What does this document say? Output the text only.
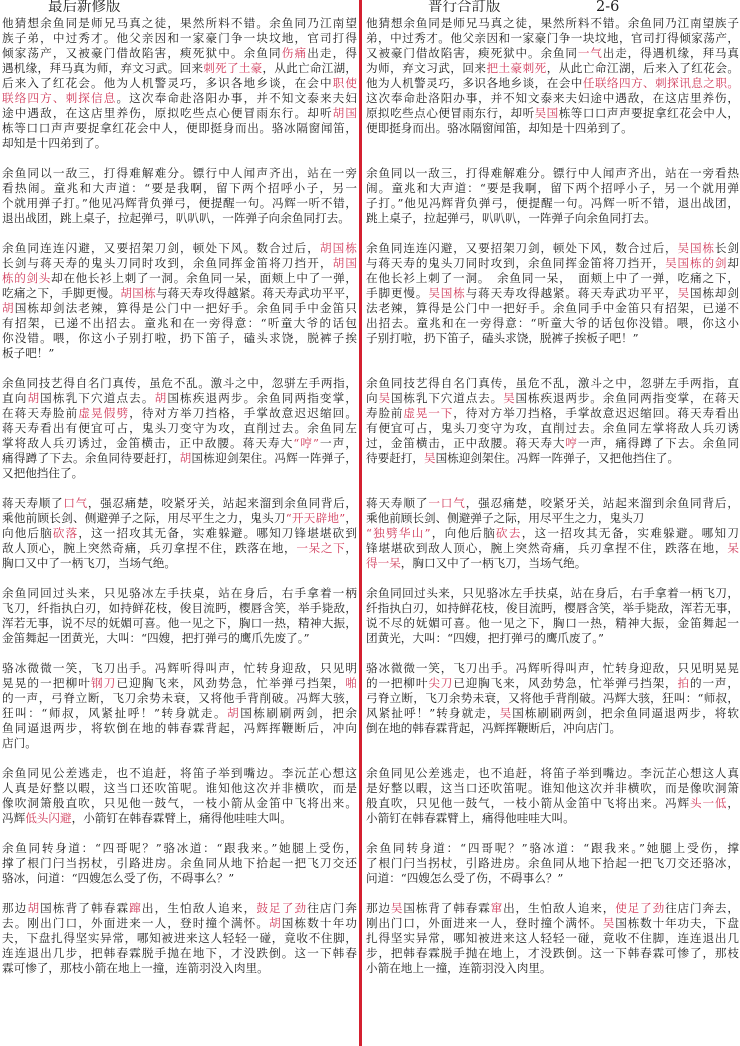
最后新修版	普行合訂版	2-6
他猜想余鱼同是师兄马真之徒，果然所料不错。余鱼同乃江南望
族子弟，中过秀才。他父亲因和一家豪门争一块坟地，官司打得
倾家荡产，又被豪门借故陷害，瘐死狱中。余鱼同伤痛出走，得
遇机缘，拜马真为师，弃文习武。回来刺死了土豪，从此亡命江湖，
后来入了红花会。他为人机警灵巧，多识各地乡谈，在会中职使
联络四方、刺探信息。这次奉命赴洛阳办事，并不知文泰来夫妇
途中遇敌，在这店里养伤，原拟吃些点心便冒雨东行。却听胡国
栋等口口声声要捉拿红花会中人，便即挺身而出。骆冰隔窗闻笛，
却知是十四弟到了。
他猜想余鱼同是师兄马真之徒，果然所料不错。余鱼同乃江南望族子
弟，中过秀才。他父亲因和一家豪门争一块坟地，官司打得倾家荡产，
又被豪门借故陷害，瘐死狱中。余鱼同一气出走，得遇机缘，拜马真
为师，弃文习武，回来把土豪刺死，从此亡命江湖，后来入了红花会。
他为人机警灵巧，多识各地乡谈，在会中任联络四方、刺探讯息之职。
这次奉命赴洛阳办事，并不知文泰来夫妇途中遇敌，在这店里养伤，
原拟吃些点心便冒雨东行，却听吴国栋等口口声声要捉拿红花会中人，
便即挺身而出。骆冰隔窗闻笛，却知是十四弟到了。
余鱼同以一敌三，打得难解难分。镖行中人闻声齐出，站在一旁
看热闹。童兆和大声道：“要是我啊，留下两个招呼小子，另一
个就用弹子打。”他见冯辉背负弹弓，便提醒一句。冯辉一听不错，
退出战团，跳上桌子，拉起弹弓，叭叭叭，一阵弹子向余鱼同打去。
余鱼同以一敌三，打得难解难分。镖行中人闻声齐出，站在一旁看热
闹。童兆和大声道：“要是我啊，留下两个招呼小子，另一个就用弹
子打。”他见冯辉背负弹弓，便提醒一句。冯辉一听不错，退出战团，
跳上桌子，拉起弹弓，叭叭叭，一阵弹子向余鱼同打去。
余鱼同连连闪避，又要招架刀剑，顿处下风。数合过后，胡国栋
长剑与蒋天寿的鬼头刀同时攻到，余鱼同挥金笛将刀挡开，胡国
栋的剑头却在他长衫上刺了一洞。余鱼同一呆，面颊上中了一弹，
吃痛之下，手脚更慢。胡国栋与蒋天寿攻得越紧。蒋天寿武功平平，
胡国栋却剑法老辣，算得是公门中一把好手。余鱼同手中金笛只
有招架，已递不出招去。童兆和在一旁得意：“听童大爷的话包
你没错。喂，你这小子别打啦，扔下笛子，磕头求饶，脱裤子挨
板子吧！”
余鱼同连连闪避，又要招架刀剑，顿处下风，数合过后，吴国栋长剑
与蒋天寿的鬼头刀同时攻到，余鱼同挥金笛将刀挡开，吴国栋的剑却
在他长衫上刺了一洞。　余鱼同一呆，　面颊上中了一弹，吃痛之下，
手脚更慢。吴国栋与蒋天寿攻得越紧。蒋天寿武功平平，吴国栋却剑
法老辣，算得是公门中一把好手。余鱼同手中金笛只有招架，已递不
出招去。童兆和在一旁得意：“听童大爷的话包你没错。喂，你这小
子别打啦，扔下笛子，磕头求饶，脱裤子挨板子吧！”
余鱼同技艺得自名门真传，虽危不乱。激斗之中，忽骈左手两指，
直向胡国栋乳下穴道点去。胡国栋疾退两步。余鱼同两指变掌，
在蒋天寿脸前虚晃假劈，待对方举刀挡格，手掌故意迟迟缩回。
蒋天寿看出有便宜可占，鬼头刀变守为攻，直削过去。余鱼同左
掌将敌人兵刃诱过，金笛横击，正中敌腰。蒋天寿大“哼”一声，
痛得蹲了下去。余鱼同待要赶打，胡国栋迎剑架住。冯辉一阵弹子，
又把他挡住了。
余鱼同技艺得自名门真传，虽危不乱，激斗之中，忽骈左手两指，直
向吴国栋乳下穴道点去。吴国栋疾退两步。余鱼同两指变掌，在蒋天
寿脸前虚晃一下，待对方举刀挡格，手掌故意迟迟缩回。蒋天寿看出
有便宜可占，鬼头刀变守为攻，直削过去。余鱼同左掌将敌人兵刃诱
过，金笛横击，正中敌腰。蒋天寿大哼一声，痛得蹲了下去。余鱼同
待要赶打，吴国栋迎剑架住。冯辉一阵弹子，又把他挡住了。
蒋天寿顺了口气，强忍痛楚，咬紧牙关，站起来溜到余鱼同背后，
乘他前顾长剑、侧避弹子之际，用尽平生之力，鬼头刀“开天辟地”，
向他后脑砍落，这一招攻其无备，实难躲避。哪知刀锋堪堪砍到
敌人顶心，腕上突然奇痛，兵刃拿捏不住，跌落在地，一呆之下，
胸口又中了一柄飞刀，当场气绝。
蒋天寿顺了一口气，强忍痛楚，咬紧牙关，站起来溜到余鱼同背后，
乘他前顾长剑、侧避弹子之际，用尽平生之力，鬼头刀
“独劈华山”，向他后脑砍去，这一招攻其无备，实难躲避。哪知刀
锋堪堪砍到敌人顶心，腕上突然奇痛，兵刃拿捏不住，跌落在地，呆
得一呆，胸口又中了一柄飞刀，当场气绝。
余鱼同回过头来，只见骆冰左手扶桌，站在身后，右手拿着一柄
飞刀，纤指执白刃，如持鲜花枝，俊目流眄，樱唇含笑，举手毙敌，
浑若无事，说不尽的妩媚可喜。他一见之下，胸口一热，精神大振，
金笛舞起一团黄光，大叫：“四嫂，把打弹弓的鹰爪先废了。”
余鱼同回过头来，只见骆冰左手扶桌，站在身后，右手拿着一柄飞刀，
纤指执白刃，如持鲜花枝，俊目流眄，樱唇含笑，举手毙敌，浑若无事，
说不尽的妩媚可喜。他一见之下，胸口一热，精神大振，金笛舞起一
团黄光，大叫：“四嫂，把打弹弓的鹰爪废了。”
骆冰微微一笑，飞刀出手。冯辉听得叫声，忙转身迎敌，只见明
晃晃的一把柳叶钢刀已迎胸飞来，风劲势急，忙举弹弓挡架，啪
的一声，弓脊立断，飞刀余势未衰，又将他手背削破。冯辉大骇，
狂叫：“师叔，风紧扯呼！”转身就走。胡国栋刷刷两剑，把余
鱼同逼退两步，将软倒在地的韩春霖背起，冯辉挥鞭断后，冲向
店门。
骆冰微微一笑，飞刀出手。冯辉听得叫声，忙转身迎敌，只见明晃晃
的一把柳叶尖刀已迎胸飞来，风劲势急，忙举弹弓挡架，拍的一声，
弓脊立断，飞刀余势未衰，又将他手背削破。冯辉大骇，狂叫：“师叔，
风紧扯呼！”转身就走，吴国栋刷刷两剑，把余鱼同逼退两步，将软
倒在地的韩春霖背起，冯辉挥鞭断后，冲向店门。
余鱼同见公差逃走，也不追赶，将笛子举到嘴边。李沅芷心想这
人真是好整以暇，这当口还吹笛呢。谁知他这次并非横吹，而是
像吹洞箫般直吹，只见他一鼓气，一枝小箭从金笛中飞将出来。
冯辉低头闪避，小箭钉在韩春霖臂上，痛得他哇哇大叫。
余鱼同见公差逃走，也不追赶，将笛子举到嘴边。李沅芷心想这人真
是好整以暇，这当口还吹笛呢。谁知他这次并非横吹，而是像吹洞箫
般直吹，只见他一鼓气，一枝小箭从金笛中飞将出来。冯辉头一低，
小箭钉在韩春霖臂上，痛得他哇哇大叫。
余鱼同转身道：“四哥呢？”骆冰道：“跟我来。”她腿上受伤，
撑了根门闩当拐杖，引路进房。余鱼同从地下拾起一把飞刀交还
骆冰，问道：“四嫂怎么受了伤，不碍事么？”
余鱼同转身道：“四哥呢？”骆冰道：“跟我来。”她腿上受伤，撑
了根门闩当拐杖，引路进房。余鱼同从地下拾起一把飞刀交还骆冰，
问道：“四嫂怎么受了伤，不碍事么？”
那边胡国栋背了韩春霖蹿出，生怕敌人追来，鼓足了劲往店门奔
去。刚出门口，外面进来一人，登时撞个满怀。胡国栋数十年功
夫，下盘扎得坚实异常，哪知被进来这人轻轻一碰，竟收不住脚，
连连退出几步，把韩春霖脱手抛在地下，才没跌倒。这一下韩春
霖可惨了，那枝小箭在地上一撞，连箭羽没入肉里。
那边吴国栋背了韩春霖窜出，生怕敌人追来，使足了劲往店门奔去，
刚出门口，外面进来一人，登时撞个满怀。吴国栋数十年功夫，下盘
扎得坚实异常，哪知被进来这人轻轻一碰，竟收不住脚，连连退出几
步，把韩春霖脱手抛在地上，才没跌倒。这一下韩春霖可惨了，那枝
小箭在地上一撞，连箭羽没入肉里。
